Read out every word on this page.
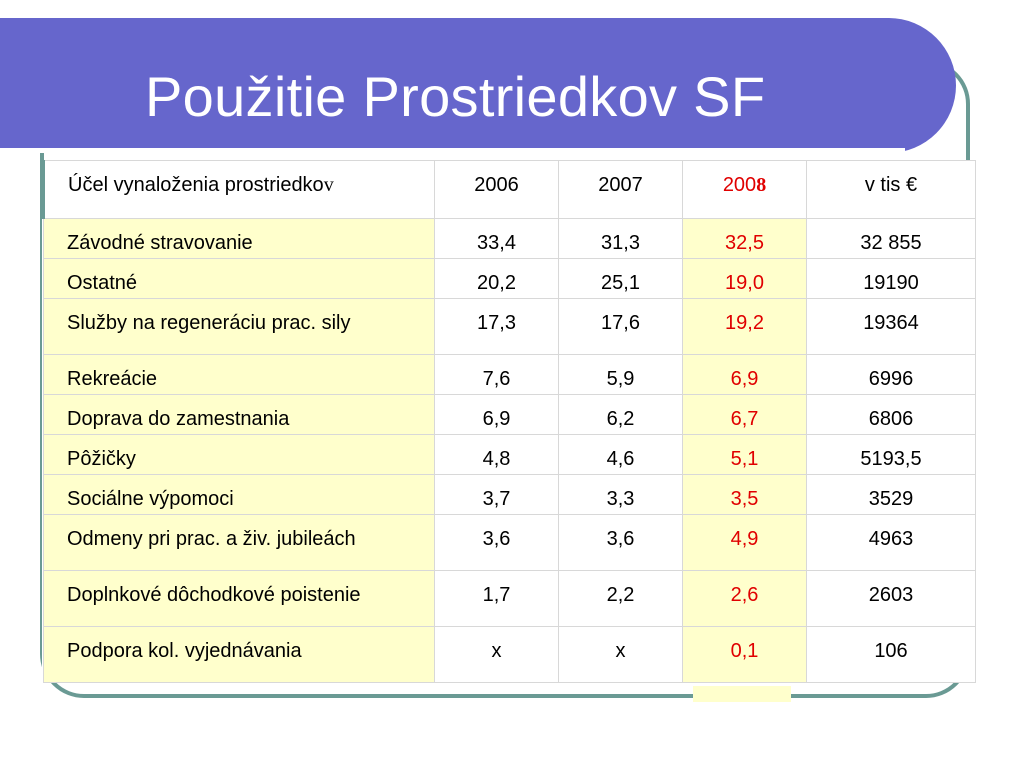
Použitie Prostriedkov SF
Účel vynaloženia prostriedkov	2006	2007	2008	v tis €
Závodné stravovanie	33,4	31,3	32,5	32 855
Ostatné	20,2	25,1	19,0	19190
Služby na regeneráciu prac. sily	17,3	17,6	19,2	19364
Rekreácie	7,6	5,9	6,9	6996
Doprava do zamestnania	6,9	6,2	6,7	6806
Pôžičky	4,8	4,6	5,1	5193,5
Sociálne výpomoci	3,7	3,3	3,5	3529
Odmeny pri prac. a živ. jubileách	3,6	3,6	4,9	4963
Doplnkové dôchodkové poistenie	1,7	2,2	2,6	2603
Podpora kol. vyjednávania	x	x	0,1	106
